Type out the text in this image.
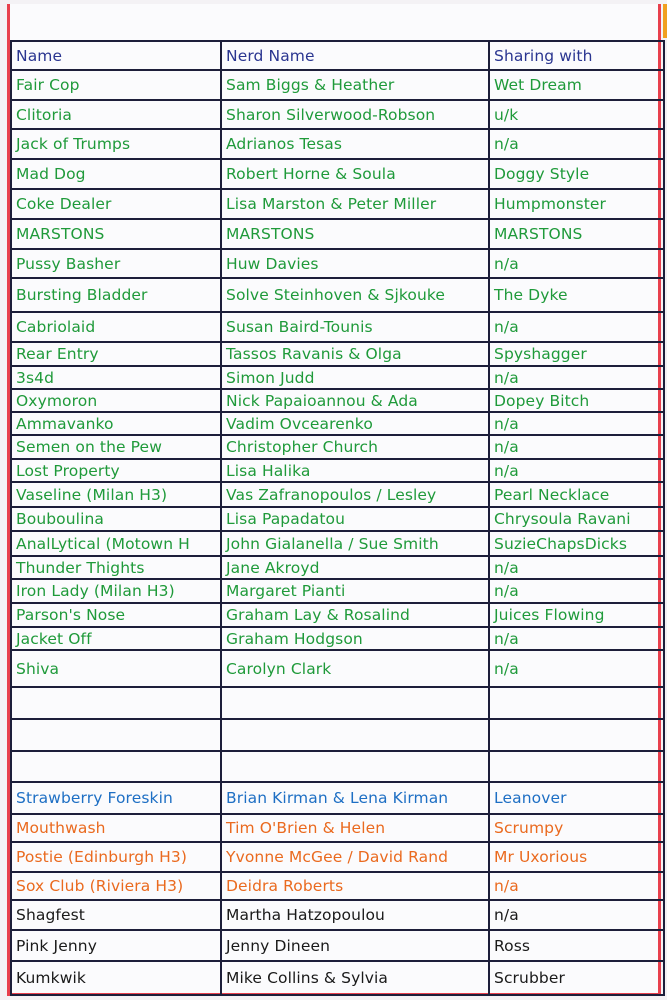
Name	Nerd Name	Sharing with
Fair Cop	Sam Biggs & Heather	Wet Dream
Clitoria	Sharon Silverwood-Robson	u/k
Jack of Trumps	Adrianos Tesas	n/a
Mad Dog	Robert Horne & Soula	Doggy Style
Coke Dealer	Lisa Marston & Peter Miller	Humpmonster
MARSTONS	MARSTONS	MARSTONS
Pussy Basher	Huw Davies	n/a
Bursting Bladder	Solve Steinhoven & Sjkouke	The Dyke
Cabriolaid	Susan Baird-Tounis	n/a
Rear Entry	Tassos Ravanis & Olga	Spyshagger
3s4d	Simon Judd	n/a
Oxymoron	Nick Papaioannou & Ada	Dopey Bitch
Ammavanko	Vadim Ovcearenko	n/a
Semen on the Pew	Christopher Church	n/a
Lost Property	Lisa Halika	n/a
Vaseline (Milan H3)	Vas Zafranopoulos / Lesley	Pearl Necklace
Bouboulina	Lisa Papadatou	Chrysoula Ravani
AnalLytical (Motown H	John Gialanella / Sue Smith	SuzieChapsDicks
Thunder Thights	Jane Akroyd	n/a
Iron Lady (Milan H3)	Margaret Pianti	n/a
Parson's Nose	Graham Lay & Rosalind	Juices Flowing
Jacket Off	Graham Hodgson	n/a
Shiva	Carolyn Clark	n/a

Strawberry Foreskin	Brian Kirman & Lena Kirman	Leanover
Mouthwash	Tim O'Brien & Helen	Scrumpy
Postie (Edinburgh H3)	Yvonne McGee / David Rand	Mr Uxorious
Sox Club (Riviera H3)	Deidra Roberts	n/a
Shagfest	Martha Hatzopoulou	n/a
Pink Jenny	Jenny Dineen	Ross
Kumkwik	Mike Collins & Sylvia	Scrubber
